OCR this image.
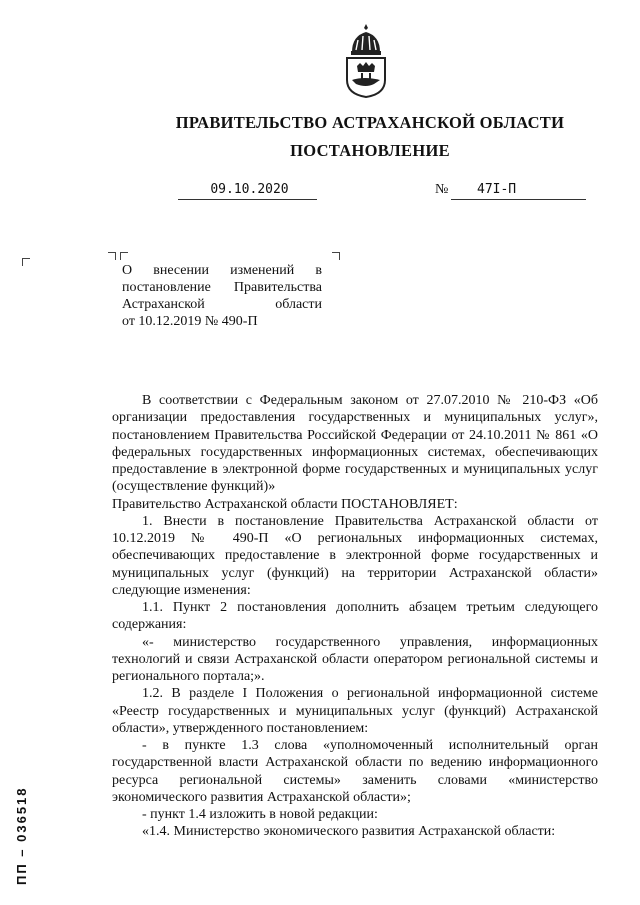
ПРАВИТЕЛЬСТВО АСТРАХАНСКОЙ ОБЛАСТИ
ПОСТАНОВЛЕНИЕ
09.10.2020	№	47I-П
О внесении изменений в
постановление Правительства
Астраханской области
от 10.12.2019 № 490-П

В соответствии с Федеральным законом от 27.07.2010 № 210-ФЗ «Об организации предоставления государственных и муниципальных услуг», постановлением Правительства Российской Федерации от 24.10.2011 № 861 «О федеральных государственных информационных системах, обеспечивающих предоставление в электронной форме государственных и муниципальных услуг (осуществление функций)»

Правительство Астраханской области ПОСТАНОВЛЯЕТ:

1. Внести в постановление Правительства Астраханской области от 10.12.2019 № 490-П «О региональных информационных системах, обеспечивающих предоставление в электронной форме государственных и муниципальных услуг (функций) на территории Астраханской области» следующие изменения:

1.1. Пункт 2 постановления дополнить абзацем третьим следующего содержания:

«- министерство государственного управления, информационных технологий и связи Астраханской области оператором региональной системы и регионального портала;».

1.2. В разделе I Положения о региональной информационной системе «Реестр государственных и муниципальных услуг (функций) Астраханской области», утвержденного постановлением:

- в пункте 1.3 слова «уполномоченный исполнительный орган государственной власти Астраханской области по ведению информационного ресурса региональной системы» заменить словами «министерство экономического развития Астраханской области»;

- пункт 1.4 изложить в новой редакции:

«1.4. Министерство экономического развития Астраханской области:

ПП – 036518
